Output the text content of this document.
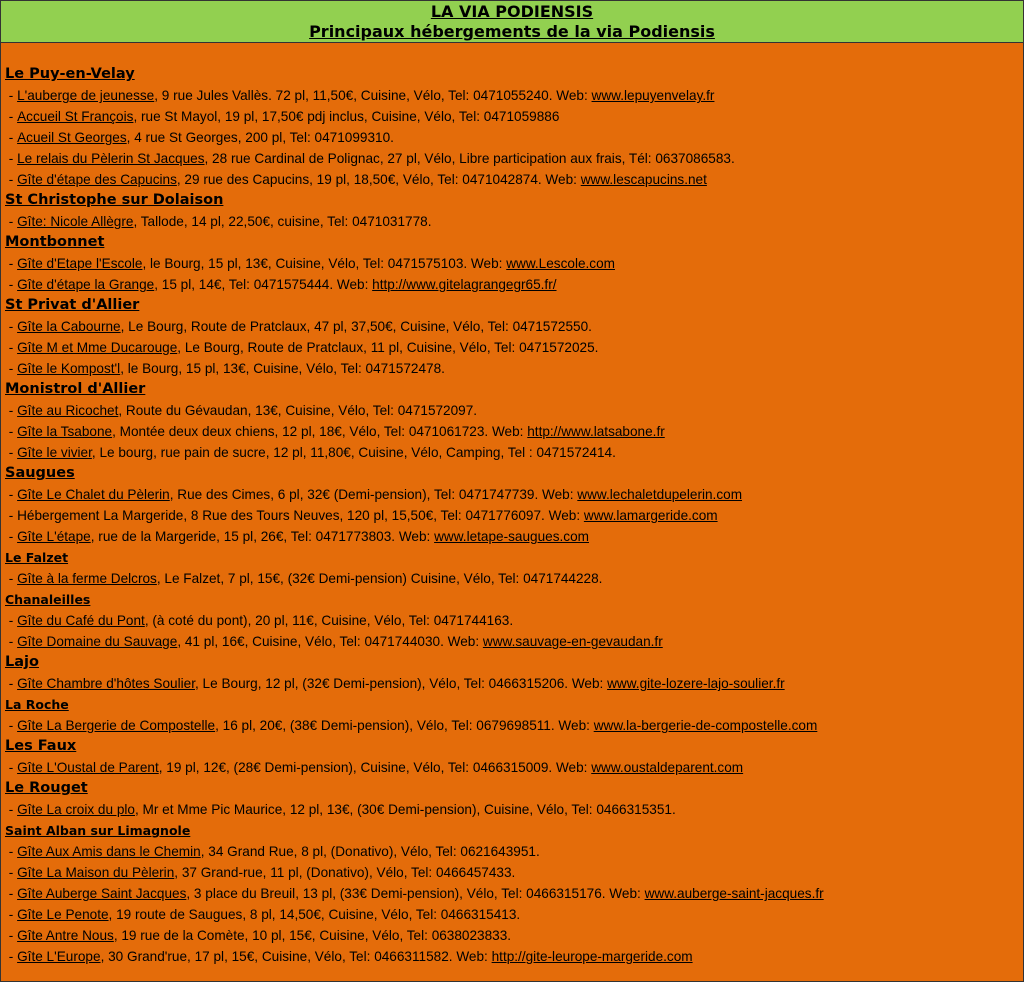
LA VIA PODIENSIS
Principaux hébergements de la via Podiensis
Le Puy-en-Velay
- L'auberge de jeunesse, 9 rue Jules Vallès. 72 pl, 11,50€, Cuisine, Vélo, Tel: 0471055240. Web: www.lepuyenvelay.fr
- Accueil St François, rue St Mayol, 19 pl, 17,50€ pdj inclus, Cuisine, Vélo, Tel: 0471059886
- Acueil St Georges, 4 rue St Georges, 200 pl, Tel: 0471099310.
- Le relais du Pèlerin St Jacques, 28 rue Cardinal de Polignac, 27 pl, Vélo, Libre participation aux frais, Tél: 0637086583.
- Gîte d'étape des Capucins, 29 rue des Capucins, 19 pl, 18,50€, Vélo, Tel: 0471042874. Web: www.lescapucins.net
St Christophe sur Dolaison
- Gîte: Nicole Allègre, Tallode, 14 pl, 22,50€, cuisine, Tel: 0471031778.
Montbonnet
- Gîte d'Etape l'Escole, le Bourg, 15 pl, 13€, Cuisine, Vélo, Tel: 0471575103. Web: www.Lescole.com
- Gîte d'étape la Grange, 15 pl, 14€, Tel: 0471575444. Web: http://www.gitelagrangegr65.fr/
St Privat d'Allier
- Gîte la Cabourne, Le Bourg, Route de Pratclaux, 47 pl, 37,50€, Cuisine, Vélo, Tel: 0471572550.
- Gîte M et Mme Ducarouge, Le Bourg, Route de Pratclaux, 11 pl, Cuisine, Vélo, Tel: 0471572025.
- Gîte le Kompost'l, le Bourg, 15 pl, 13€, Cuisine, Vélo, Tel: 0471572478.
Monistrol d'Allier
- Gîte au Ricochet, Route du Gévaudan, 13€, Cuisine, Vélo, Tel: 0471572097.
- Gîte la Tsabone, Montée deux deux chiens, 12 pl, 18€, Vélo, Tel: 0471061723. Web: http://www.latsabone.fr
- Gîte le vivier, Le bourg, rue pain de sucre, 12 pl, 11,80€, Cuisine, Vélo, Camping, Tel : 0471572414.
Saugues
- Gîte Le Chalet du Pèlerin, Rue des Cimes, 6 pl, 32€ (Demi-pension), Tel: 0471747739. Web: www.lechaletdupelerin.com
- Hébergement La Margeride, 8 Rue des Tours Neuves, 120 pl, 15,50€, Tel: 0471776097. Web: www.lamargeride.com
- Gîte L'étape, rue de la Margeride, 15 pl, 26€, Tel: 0471773803. Web: www.letape-saugues.com
Le Falzet
- Gîte à la ferme Delcros, Le Falzet, 7 pl, 15€, (32€ Demi-pension) Cuisine, Vélo, Tel: 0471744228.
Chanaleilles
- Gîte du Café du Pont, (à coté du pont), 20 pl, 11€, Cuisine, Vélo, Tel: 0471744163.
- Gîte Domaine du Sauvage, 41 pl, 16€, Cuisine, Vélo, Tel: 0471744030. Web: www.sauvage-en-gevaudan.fr
Lajo
- Gîte Chambre d'hôtes Soulier, Le Bourg, 12 pl, (32€ Demi-pension), Vélo, Tel: 0466315206. Web: www.gite-lozere-lajo-soulier.fr
La Roche
- Gîte La Bergerie de Compostelle, 16 pl, 20€, (38€ Demi-pension), Vélo, Tel: 0679698511. Web: www.la-bergerie-de-compostelle.com
Les Faux
- Gîte L'Oustal de Parent, 19 pl, 12€, (28€ Demi-pension), Cuisine, Vélo, Tel: 0466315009. Web: www.oustaldeparent.com
Le Rouget
- Gîte La croix du plo, Mr et Mme Pic Maurice, 12 pl, 13€, (30€ Demi-pension), Cuisine, Vélo, Tel: 0466315351.
Saint Alban sur Limagnole
- Gîte Aux Amis dans le Chemin, 34 Grand Rue, 8 pl, (Donativo), Vélo, Tel: 0621643951.
- Gîte La Maison du Pèlerin, 37 Grand-rue, 11 pl, (Donativo), Vélo, Tel: 0466457433.
- Gîte Auberge Saint Jacques, 3 place du Breuil, 13 pl, (33€ Demi-pension), Vélo, Tel: 0466315176. Web: www.auberge-saint-jacques.fr
- Gîte Le Penote, 19 route de Saugues, 8 pl, 14,50€, Cuisine, Vélo, Tel: 0466315413.
- Gîte Antre Nous, 19 rue de la Comète, 10 pl, 15€, Cuisine, Vélo, Tel: 0638023833.
- Gîte L'Europe, 30 Grand'rue, 17 pl, 15€, Cuisine, Vélo, Tel: 0466311582. Web: http://gite-leurope-margeride.com
